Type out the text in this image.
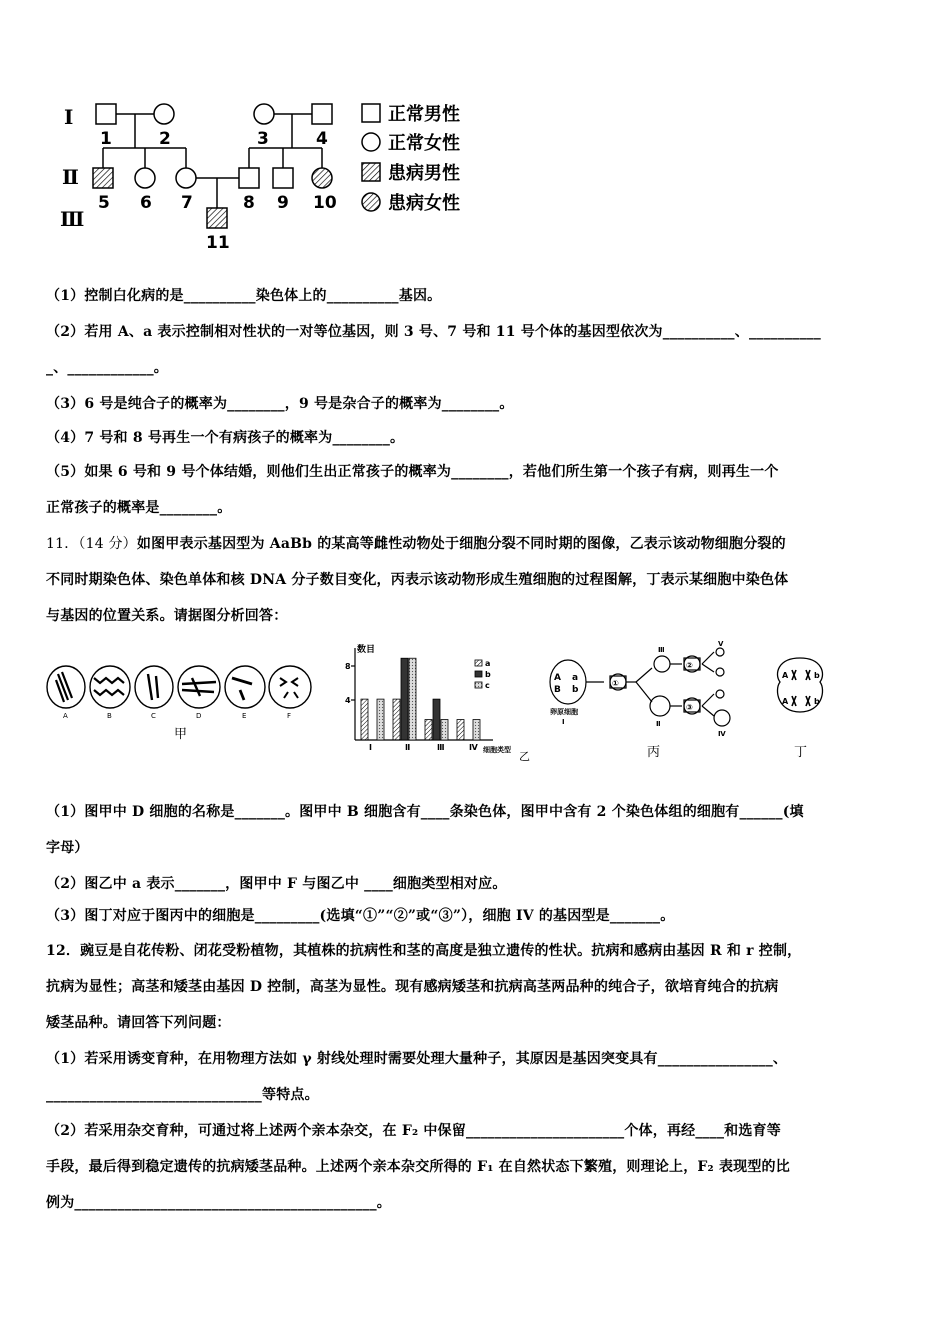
Ⅰ
Ⅱ
Ⅲ
1	2	3	4
5 6 7	8 9 10
11
正常男性
正常女性
患病男性
患病女性
（1）控制白化病的是__________染色体上的__________基因。
（2）若用 A、a 表示控制相对性状的一对等位基因，则 3 号、7 号和 11 号个体的基因型依次为__________、__________
_、____________。
（3）6 号是纯合子的概率为________，9 号是杂合子的概率为________。
（4）7 号和 8 号再生一个有病孩子的概率为________。
（5）如果 6 号和 9 号个体结婚，则他们生出正常孩子的概率为________，若他们所生第一个孩子有病，则再生一个
正常孩子的概率是________。
11．（14 分）如图甲表示基因型为 AaBb 的某高等雌性动物处于细胞分裂不同时期的图像，乙表示该动物细胞分裂的
不同时期染色体、染色单体和核 DNA 分子数目变化，丙表示该动物形成生殖细胞的过程图解，丁表示某细胞中染色体
与基因的位置关系。请据图分析回答：
A	B	C	D	E	F
甲
数目
8
4
Ⅰ	Ⅱ	Ⅲ	Ⅳ 细胞类型
a
b
c
乙
A a
B b
①
②
③
卵原细胞
Ⅰ	Ⅱ
Ⅲ
Ⅳ
Ⅴ
丙
A	b
A	b
丁
（1）图甲中 D 细胞的名称是_______。图甲中 B 细胞含有____条染色体，图甲中含有 2 个染色体组的细胞有______(填
字母）
（2）图乙中 a 表示_______，图甲中 F 与图乙中 ____细胞类型相对应。
（3）图丁对应于图丙中的细胞是_________(选填“①”“②”或“③”），细胞 IV 的基因型是_______。
12．豌豆是自花传粉、闭花受粉植物，其植株的抗病性和茎的高度是独立遗传的性状。抗病和感病由基因 R 和 r 控制，
抗病为显性；高茎和矮茎由基因 D 控制，高茎为显性。现有感病矮茎和抗病高茎两品种的纯合子，欲培育纯合的抗病
矮茎品种。请回答下列问题：
（1）若采用诱变育种，在用物理方法如 γ 射线处理时需要处理大量种子，其原因是基因突变具有________________、
______________________________等特点。
（2）若采用杂交育种，可通过将上述两个亲本杂交，在 F₂ 中保留______________________个体，再经____和选育等
手段，最后得到稳定遗传的抗病矮茎品种。上述两个亲本杂交所得的 F₁ 在自然状态下繁殖，则理论上，F₂ 表现型的比
例为__________________________________________。
